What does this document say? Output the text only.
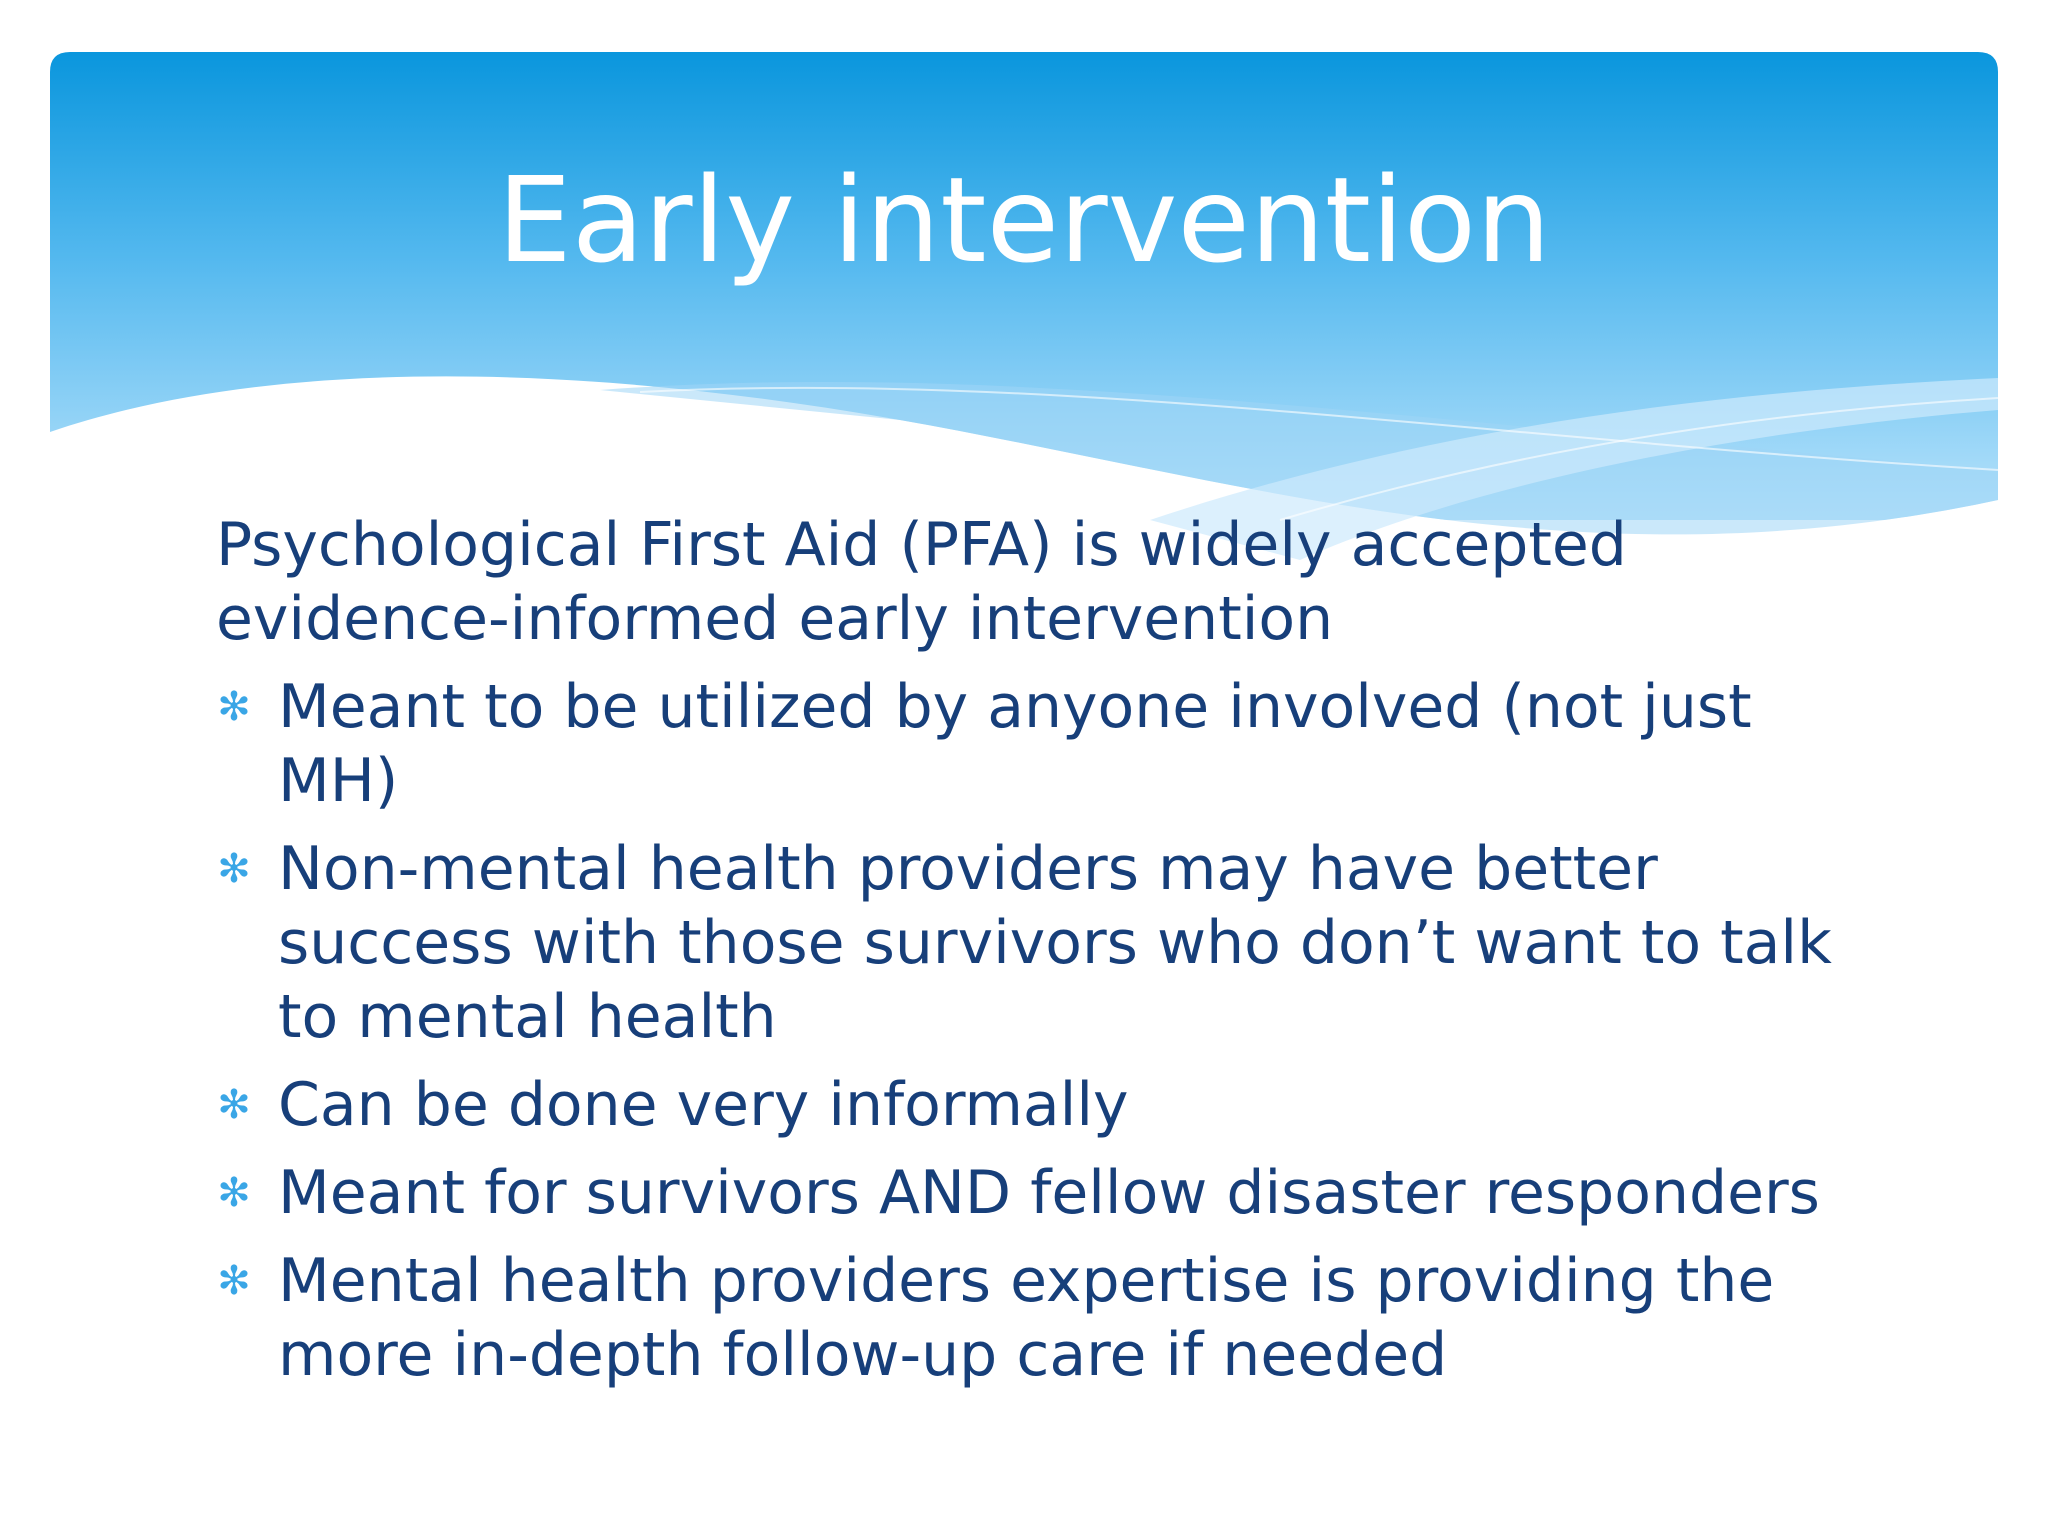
Early intervention

Psychological First Aid (PFA) is widely accepted evidence-informed early intervention

✻ Meant to be utilized by anyone involved (not just MH)
✻ Non-mental health providers may have better success with those survivors who don’t want to talk to mental health
✻ Can be done very informally
✻ Meant for survivors AND fellow disaster responders
✻ Mental health providers expertise is providing the more in-depth follow-up care if needed
